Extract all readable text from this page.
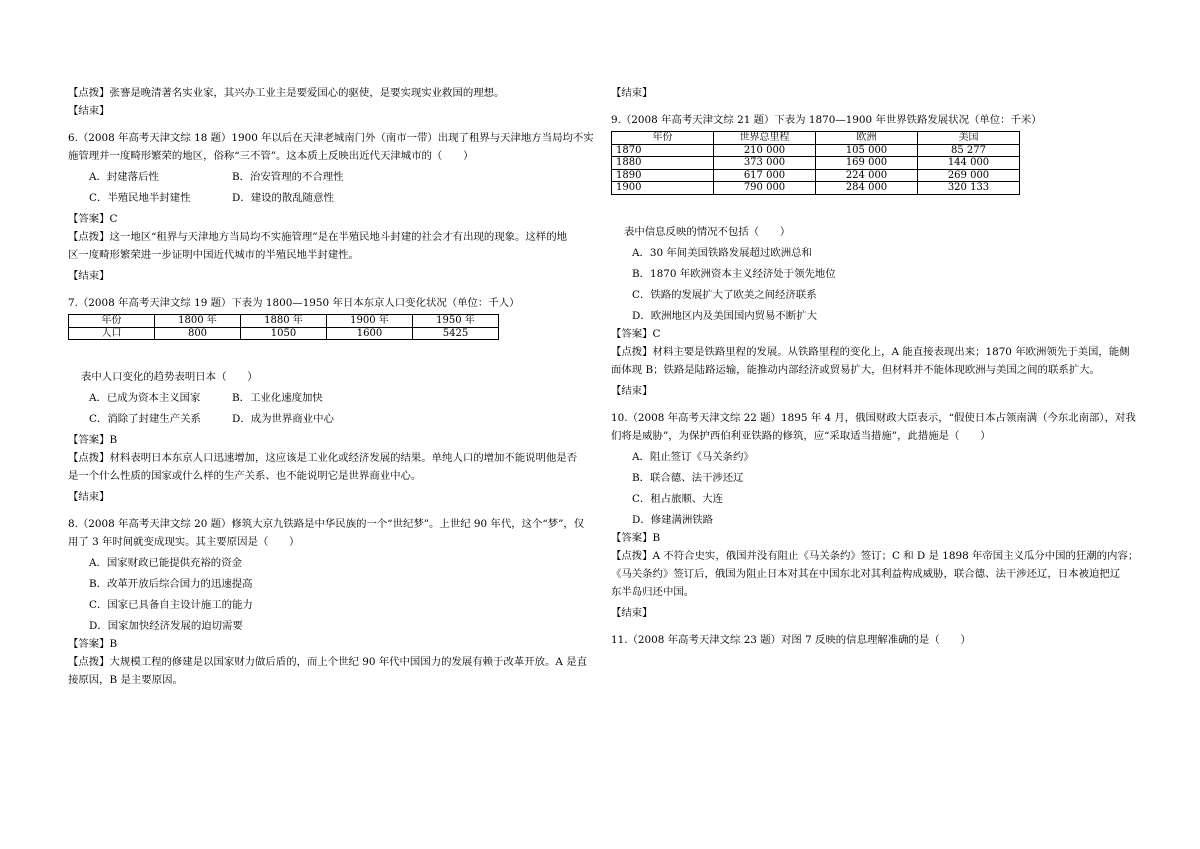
【点拨】张謇是晚清著名实业家，其兴办工业主是要爱国心的驱使，是要实现实业救国的理想。

【结束】

6.（2008 年高考天津文综 18 题）1900 年以后在天津老城南门外（南市一带）出现了租界与天津地方当局均不实

施管理并一度畸形繁荣的地区，俗称“三不管”。这本质上反映出近代天津城市的（　　）

A．封建落后性	B．治安管理的不合理性
C．半殖民地半封建性	D．建设的散乱随意性

【答案】C

【点拨】这一地区“租界与天津地方当局均不实施管理”是在半殖民地斗封建的社会才有出现的现象。这样的地

区一度畸形繁荣进一步证明中国近代城市的半殖民地半封建性。

【结束】

7.（2008 年高考天津文综 19 题）下表为 1800—1950 年日本东京人口变化状况（单位：千人）

年份	1800 年	1880 年	1900 年	1950 年
人口	800	1050	1600	5425

表中人口变化的趋势表明日本（　　）

A．已成为资本主义国家	B．工业化速度加快
C．消除了封建生产关系	D．成为世界商业中心

【答案】B

【点拨】材料表明日本东京人口迅速增加，这应该是工业化或经济发展的结果。单纯人口的增加不能说明他是否

是一个什么性质的国家或什么样的生产关系、也不能说明它是世界商业中心。

【结束】

8.（2008 年高考天津文综 20 题）修筑大京九铁路是中华民族的一个“世纪梦”。上世纪 90 年代，这个“梦”，仅

用了 3 年时间就变成现实。其主要原因是（　　）

A．国家财政已能提供充裕的资金

B．改革开放后综合国力的迅速提高

C．国家已具备自主设计施工的能力

D．国家加快经济发展的迫切需要

【答案】B

【点拨】大规模工程的修建是以国家财力做后盾的，而上个世纪 90 年代中国国力的发展有赖于改革开放。A 是直

接原因，B 是主要原因。

【结束】

9.（2008 年高考天津文综 21 题）下表为 1870—1900 年世界铁路发展状况（单位：千米）

年份	世界总里程	欧洲	美国
1870	210 000	105 000	85 277
1880	373 000	169 000	144 000
1890	617 000	224 000	269 000
1900	790 000	284 000	320 133

表中信息反映的情况不包括（　　）

A．30 年间美国铁路发展超过欧洲总和

B．1870 年欧洲资本主义经济处于领先地位

C．铁路的发展扩大了欧美之间经济联系

D．欧洲地区内及美国国内贸易不断扩大

【答案】C

【点拨】材料主要是铁路里程的发展。从铁路里程的变化上，A 能直接表现出来；1870 年欧洲领先于美国，能侧

面体现 B；铁路是陆路运输，能推动内部经济或贸易扩大，但材料并不能体现欧洲与美国之间的联系扩大。

【结束】

10.（2008 年高考天津文综 22 题）1895 年 4 月，俄国财政大臣表示，“假使日本占领南满（今东北南部），对我

们将是威胁”，为保护西伯利亚铁路的修筑，应“采取适当措施”，此措施是（　　）

A．阻止签订《马关条约》

B．联合德、法干涉还辽

C．租占旅顺、大连

D．修建满洲铁路

【答案】B

【点拨】A 不符合史实，俄国并没有阻止《马关条约》签订；C 和 D 是 1898 年帝国主义瓜分中国的狂潮的内容；

《马关条约》签订后，俄国为阻止日本对其在中国东北对其利益构成威胁，联合德、法干涉还辽，日本被迫把辽

东半岛归还中国。

【结束】

11.（2008 年高考天津文综 23 题）对图 7 反映的信息理解准确的是（　　）
